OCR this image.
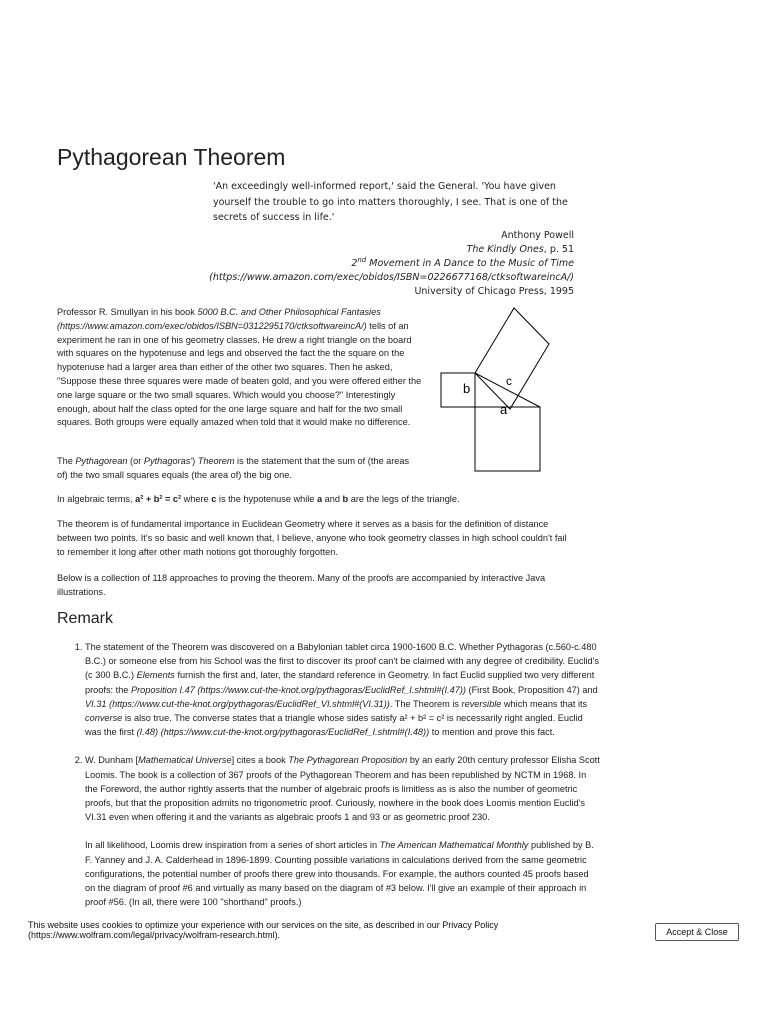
Pythagorean Theorem

'An exceedingly well-informed report,' said the General. 'You have given yourself the trouble to go into matters thoroughly, I see. That is one of the secrets of success in life.'

Anthony Powell
The Kindly Ones, p. 51
2nd Movement in A Dance to the Music of Time
(https://www.amazon.com/exec/obidos/ISBN=0226677168/ctksoftwareincA/)
University of Chicago Press, 1995
Professor R. Smullyan in his book 5000 B.C. and Other Philosophical Fantasies (https://www.amazon.com/exec/obidos/ISBN=0312295170/ctksoftwareincA/) tells of an experiment he ran in one of his geometry classes. He drew a right triangle on the board with squares on the hypotenuse and legs and observed the fact the the square on the hypotenuse had a larger area than either of the other two squares. Then he asked, "Suppose these three squares were made of beaten gold, and you were offered either the one large square or the two small squares. Which would you choose?" Interestingly enough, about half the class opted for the one large square and half for the two small squares. Both groups were equally amazed when told that it would make no difference.
b	c
a
The Pythagorean (or Pythagoras') Theorem is the statement that the sum of (the areas of) the two small squares equals (the area of) the big one.
In algebraic terms, a² + b² = c² where c is the hypotenuse while a and b are the legs of the triangle.
The theorem is of fundamental importance in Euclidean Geometry where it serves as a basis for the definition of distance between two points. It's so basic and well known that, I believe, anyone who took geometry classes in high school couldn't fail to remember it long after other math notions got thoroughly forgotten.
Below is a collection of 118 approaches to proving the theorem. Many of the proofs are accompanied by interactive Java illustrations.
Remark
1. The statement of the Theorem was discovered on a Babylonian tablet circa 1900-1600 B.C. Whether Pythagoras (c.560-c.480 B.C.) or someone else from his School was the first to discover its proof can't be claimed with any degree of credibility. Euclid's (c 300 B.C.) Elements furnish the first and, later, the standard reference in Geometry. In fact Euclid supplied two very different proofs: the Proposition I.47 (https://www.cut-the-knot.org/pythagoras/EuclidRef_I.shtml#(I.47)) (First Book, Proposition 47) and VI.31 (https://www.cut-the-knot.org/pythagoras/EuclidRef_VI.shtml#(VI.31)). The Theorem is reversible which means that its converse is also true. The converse states that a triangle whose sides satisfy a² + b² = c² is necessarily right angled. Euclid was the first (I.48) (https://www.cut-the-knot.org/pythagoras/EuclidRef_I.shtml#(I.48)) to mention and prove this fact.

2. W. Dunham [Mathematical Universe] cites a book The Pythagorean Proposition by an early 20th century professor Elisha Scott Loomis. The book is a collection of 367 proofs of the Pythagorean Theorem and has been republished by NCTM in 1968. In the Foreword, the author rightly asserts that the number of algebraic proofs is limitless as is also the number of geometric proofs, but that the proposition admits no trigonometric proof. Curiously, nowhere in the book does Loomis mention Euclid's VI.31 even when offering it and the variants as algebraic proofs 1 and 93 or as geometric proof 230.

In all likelihood, Loomis drew inspiration from a series of short articles in The American Mathematical Monthly published by B. F. Yanney and J. A. Calderhead in 1896-1899. Counting possible variations in calculations derived from the same geometric configurations, the potential number of proofs there grew into thousands. For example, the authors counted 45 proofs based on the diagram of proof #6 and virtually as many based on the diagram of #3 below. I'll give an example of their approach in proof #56. (In all, there were 100 "shorthand" proofs.)

This website uses cookies to optimize your experience with our services on the site, as described in our Privacy Policy (https://www.wolfram.com/legal/privacy/wolfram-research.html).	Accept & Close
